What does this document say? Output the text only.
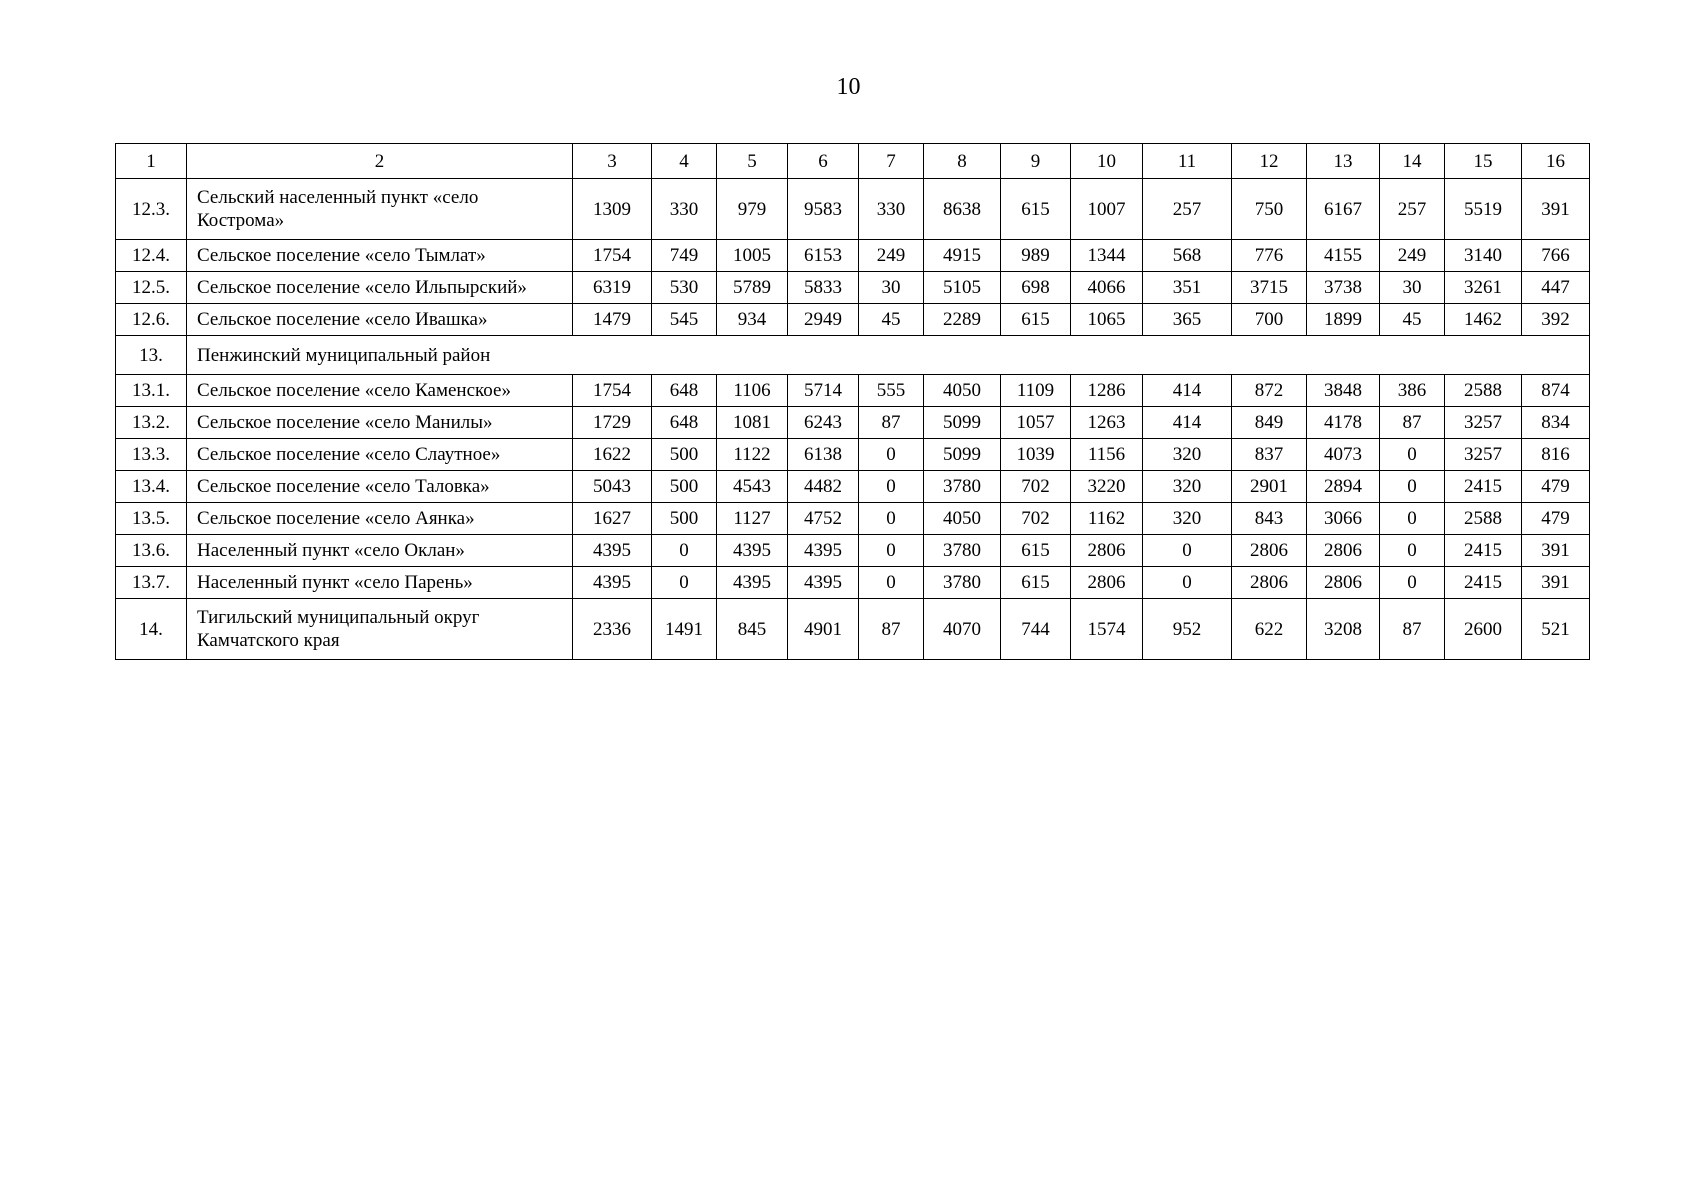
10
1	2	3	4	5	6	7	8	9	10	11	12	13	14	15	16
12.3.	Сельский населенный пункт «село Кострома»	1309	330	979	9583	330	8638	615	1007	257	750	6167	257	5519	391
12.4.	Сельское поселение «село Тымлат»	1754	749	1005	6153	249	4915	989	1344	568	776	4155	249	3140	766
12.5.	Сельское поселение «село Ильпырский»	6319	530	5789	5833	30	5105	698	4066	351	3715	3738	30	3261	447
12.6.	Сельское поселение «село Ивашка»	1479	545	934	2949	45	2289	615	1065	365	700	1899	45	1462	392
13.	Пенжинский муниципальный район														
13.1.	Сельское поселение «село Каменское»	1754	648	1106	5714	555	4050	1109	1286	414	872	3848	386	2588	874
13.2.	Сельское поселение «село Манилы»	1729	648	1081	6243	87	5099	1057	1263	414	849	4178	87	3257	834
13.3.	Сельское поселение «село Слаутное»	1622	500	1122	6138	0	5099	1039	1156	320	837	4073	0	3257	816
13.4.	Сельское поселение «село Таловка»	5043	500	4543	4482	0	3780	702	3220	320	2901	2894	0	2415	479
13.5.	Сельское поселение «село Аянка»	1627	500	1127	4752	0	4050	702	1162	320	843	3066	0	2588	479
13.6.	Населенный пункт «село Оклан»	4395	0	4395	4395	0	3780	615	2806	0	2806	2806	0	2415	391
13.7.	Населенный пункт «село Парень»	4395	0	4395	4395	0	3780	615	2806	0	2806	2806	0	2415	391
14.	Тигильский муниципальный округ Камчатского края	2336	1491	845	4901	87	4070	744	1574	952	622	3208	87	2600	521
